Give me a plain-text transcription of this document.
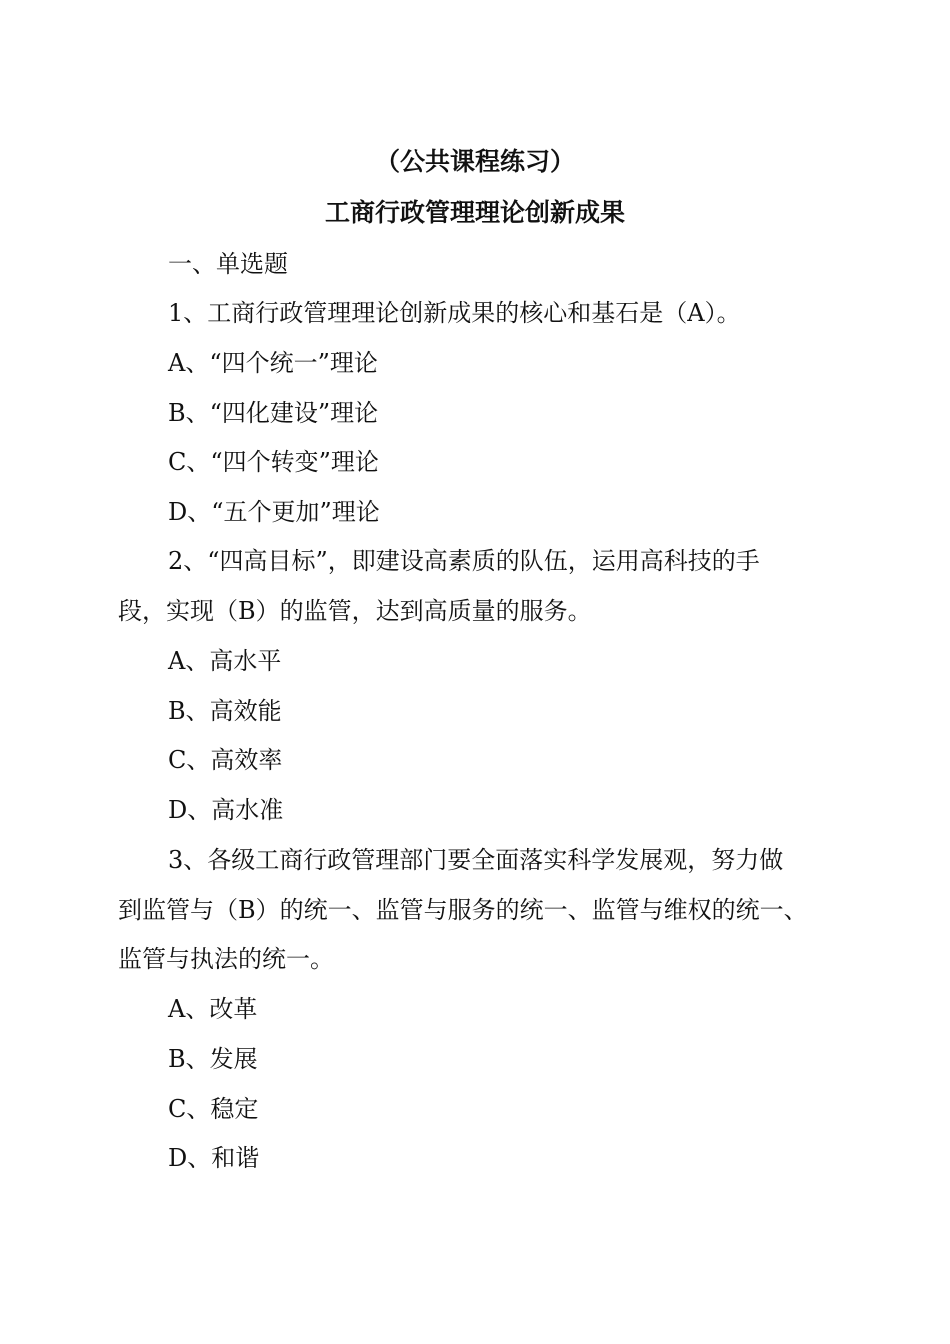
（公共课程练习）
工商行政管理理论创新成果

一、单选题

1、工商行政管理理论创新成果的核心和基石是（A）。

A、“四个统一”理论

B、“四化建设”理论

C、“四个转变”理论

D、“五个更加”理论

2、“四高目标”，即建设高素质的队伍，运用高科技的手

段，实现（B）的监管，达到高质量的服务。

A、高水平

B、高效能

C、高效率

D、高水准

3、各级工商行政管理部门要全面落实科学发展观，努力做

到监管与（B）的统一、监管与服务的统一、监管与维权的统一、

监管与执法的统一。

A、改革

B、发展

C、稳定

D、和谐
